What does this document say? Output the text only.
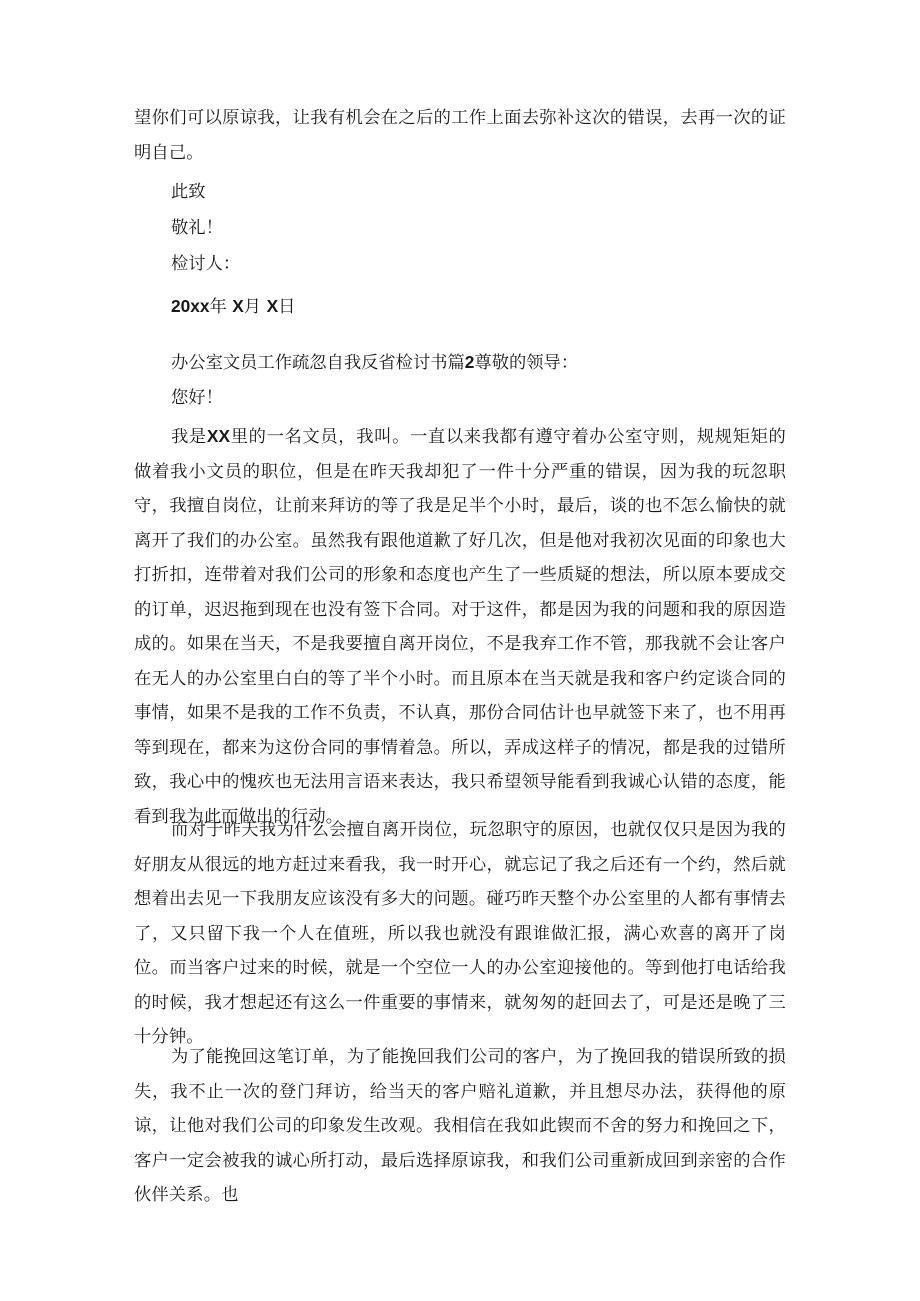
望你们可以原谅我，让我有机会在之后的工作上面去弥补这次的错误，去再一次的证明自己。

此致

敬礼！

检讨人：

20xx年 X月 X日

办公室文员工作疏忽自我反省检讨书篇2尊敬的领导：

您好！

我是XX里的一名文员，我叫。一直以来我都有遵守着办公室守则，规规矩矩的做着我小文员的职位，但是在昨天我却犯了一件十分严重的错误，因为我的玩忽职守，我擅自岗位，让前来拜访的等了我是足半个小时，最后，谈的也不怎么愉快的就离开了我们的办公室。虽然我有跟他道歉了好几次，但是他对我初次见面的印象也大打折扣，连带着对我们公司的形象和态度也产生了一些质疑的想法，所以原本要成交的订单，迟迟拖到现在也没有签下合同。对于这件，都是因为我的问题和我的原因造成的。如果在当天，不是我要擅自离开岗位，不是我弃工作不管，那我就不会让客户在无人的办公室里白白的等了半个小时。而且原本在当天就是我和客户约定谈合同的事情，如果不是我的工作不负责，不认真，那份合同估计也早就签下来了，也不用再等到现在，都来为这份合同的事情着急。所以，弄成这样子的情况，都是我的过错所致，我心中的愧疚也无法用言语来表达，我只希望领导能看到我诚心认错的态度，能看到我为此而做出的行动。

而对于昨天我为什么会擅自离开岗位，玩忽职守的原因，也就仅仅只是因为我的好朋友从很远的地方赶过来看我，我一时开心，就忘记了我之后还有一个约，然后就想着出去见一下我朋友应该没有多大的问题。碰巧昨天整个办公室里的人都有事情去了，又只留下我一个人在值班，所以我也就没有跟谁做汇报，满心欢喜的离开了岗位。而当客户过来的时候，就是一个空位一人的办公室迎接他的。等到他打电话给我的时候，我才想起还有这么一件重要的事情来，就匆匆的赶回去了，可是还是晚了三十分钟。

为了能挽回这笔订单，为了能挽回我们公司的客户，为了挽回我的错误所致的损失，我不止一次的登门拜访，给当天的客户赔礼道歉，并且想尽办法，获得他的原谅，让他对我们公司的印象发生改观。我相信在我如此锲而不舍的努力和挽回之下，客户一定会被我的诚心所打动，最后选择原谅我，和我们公司重新成回到亲密的合作伙伴关系。也
